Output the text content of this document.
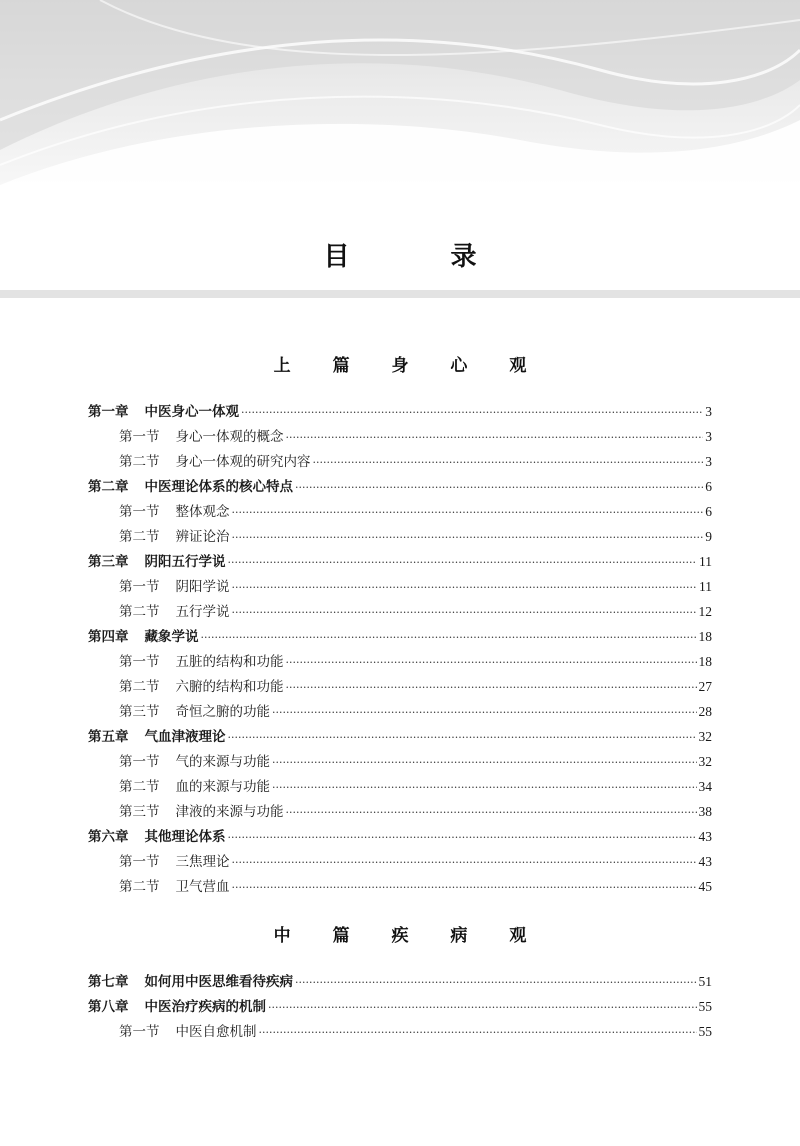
目 录
上 篇 身 心 观
第一章 中医身心一体观 ·····	3
第一节 身心一体观的概念 ·····	3
第二节 身心一体观的研究内容 ·····	3
第二章 中医理论体系的核心特点 ·····	6
第一节 整体观念 ·····	6
第二节 辨证论治 ·····	9
第三章 阴阳五行学说 ·····	11
第一节 阴阳学说 ·····	11
第二节 五行学说 ·····	12
第四章 藏象学说 ·····	18
第一节 五脏的结构和功能 ·····	18
第二节 六腑的结构和功能 ·····	27
第三节 奇恒之腑的功能 ·····	28
第五章 气血津液理论 ·····	32
第一节 气的来源与功能 ·····	32
第二节 血的来源与功能 ·····	34
第三节 津液的来源与功能 ·····	38
第六章 其他理论体系 ·····	43
第一节 三焦理论 ·····	43
第二节 卫气营血 ·····	45
中 篇 疾 病 观
第七章 如何用中医思维看待疾病 ·····	51
第八章 中医治疗疾病的机制 ·····	55
第一节 中医自愈机制 ·····	55
